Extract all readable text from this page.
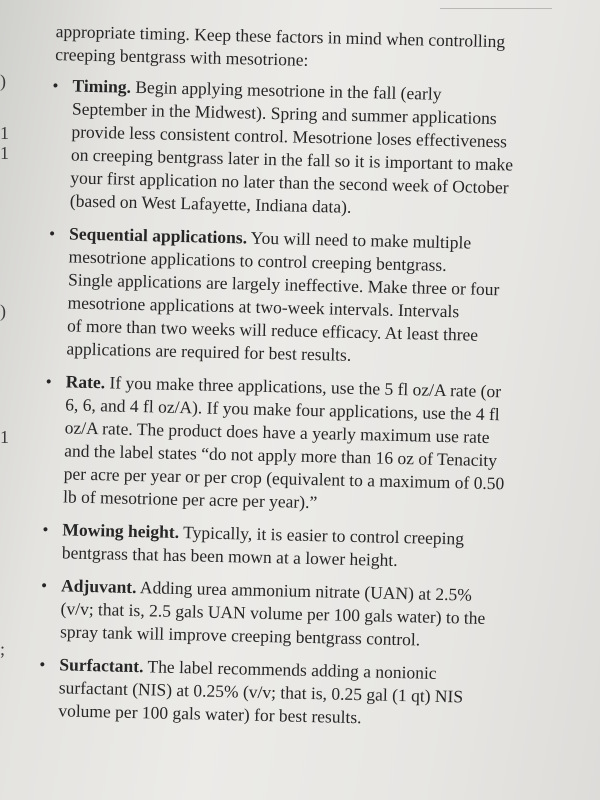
)
1
1
)
1
;

appropriate timing. Keep these factors in mind when controlling
creeping bentgrass with mesotrione:

• Timing. Begin applying mesotrione in the fall (early
September in the Midwest). Spring and summer applications
provide less consistent control. Mesotrione loses effectiveness
on creeping bentgrass later in the fall so it is important to make
your first application no later than the second week of October
(based on West Lafayette, Indiana data).
• Sequential applications. You will need to make multiple
mesotrione applications to control creeping bentgrass.
Single applications are largely ineffective. Make three or four
mesotrione applications at two-week intervals. Intervals
of more than two weeks will reduce efficacy. At least three
applications are required for best results.
• Rate. If you make three applications, use the 5 fl oz/A rate (or
6, 6, and 4 fl oz/A). If you make four applications, use the 4 fl
oz/A rate. The product does have a yearly maximum use rate
and the label states “do not apply more than 16 oz of Tenacity
per acre per year or per crop (equivalent to a maximum of 0.50
lb of mesotrione per acre per year).”
• Mowing height. Typically, it is easier to control creeping
bentgrass that has been mown at a lower height.
• Adjuvant. Adding urea ammonium nitrate (UAN) at 2.5%
(v/v; that is, 2.5 gals UAN volume per 100 gals water) to the
spray tank will improve creeping bentgrass control.
• Surfactant. The label recommends adding a nonionic
surfactant (NIS) at 0.25% (v/v; that is, 0.25 gal (1 qt) NIS
volume per 100 gals water) for best results.
